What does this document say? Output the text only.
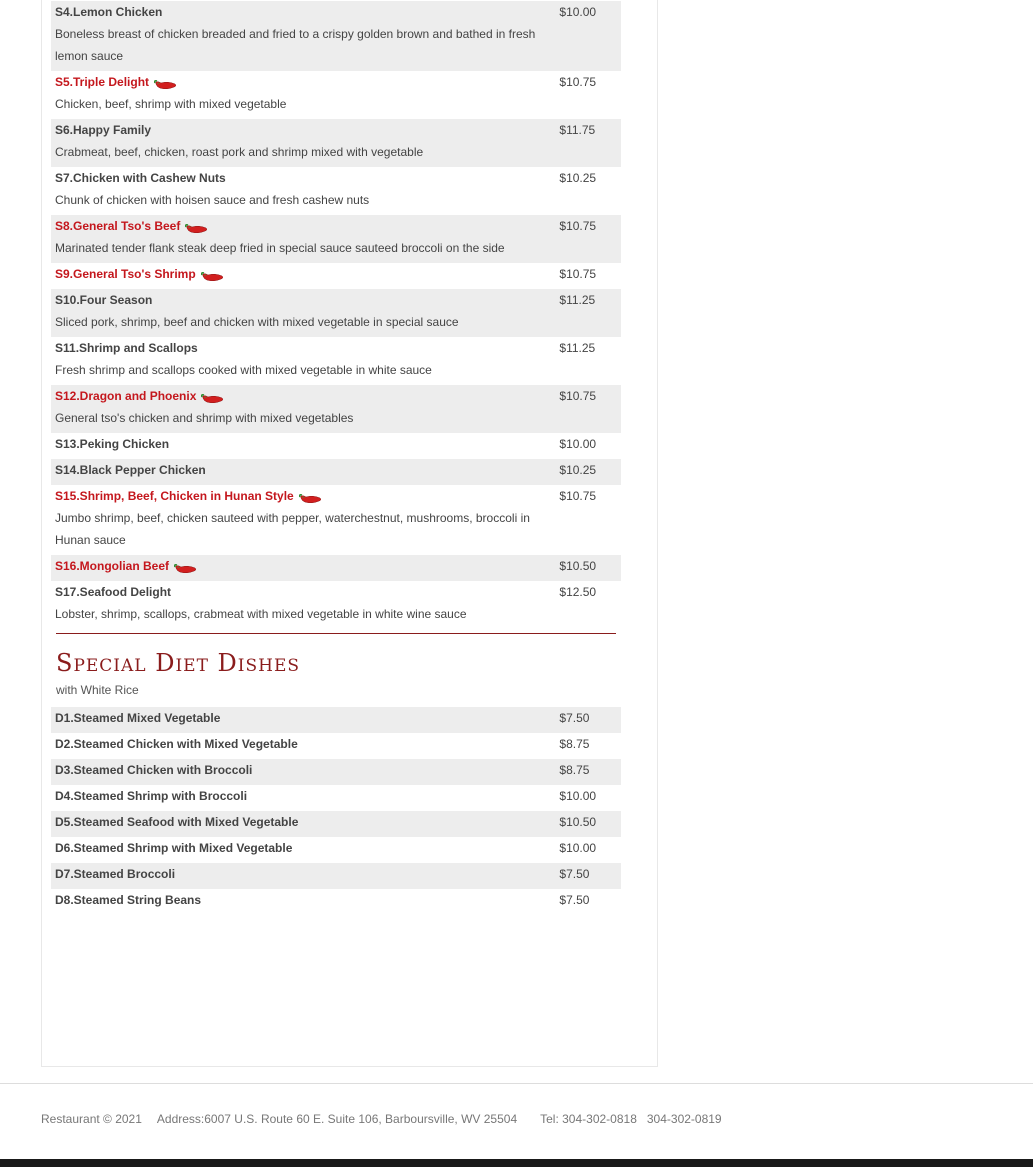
S4.Lemon Chicken
Boneless breast of chicken breaded and fried to a crispy golden brown and bathed in fresh lemon sauce
$10.00
S5.Triple Delight
Chicken, beef, shrimp with mixed vegetable
$10.75
S6.Happy Family
Crabmeat, beef, chicken, roast pork and shrimp mixed with vegetable
$11.75
S7.Chicken with Cashew Nuts
Chunk of chicken with hoisen sauce and fresh cashew nuts
$10.25
S8.General Tso's Beef
Marinated tender flank steak deep fried in special sauce sauteed broccoli on the side
$10.75
S9.General Tso's Shrimp	$10.75
S10.Four Season
Sliced pork, shrimp, beef and chicken with mixed vegetable in special sauce
$11.25
S11.Shrimp and Scallops
Fresh shrimp and scallops cooked with mixed vegetable in white sauce
$11.25
S12.Dragon and Phoenix
General tso's chicken and shrimp with mixed vegetables
$10.75
S13.Peking Chicken	$10.00
S14.Black Pepper Chicken	$10.25
S15.Shrimp, Beef, Chicken in Hunan Style
Jumbo shrimp, beef, chicken sauteed with pepper, waterchestnut, mushrooms, broccoli in Hunan sauce
$10.75
S16.Mongolian Beef	$10.50
S17.Seafood Delight
Lobster, shrimp, scallops, crabmeat with mixed vegetable in white wine sauce
$12.50
Special Diet Dishes
with White Rice
D1.Steamed Mixed Vegetable	$7.50
D2.Steamed Chicken with Mixed Vegetable	$8.75
D3.Steamed Chicken with Broccoli	$8.75
D4.Steamed Shrimp with Broccoli	$10.00
D5.Steamed Seafood with Mixed Vegetable	$10.50
D6.Steamed Shrimp with Mixed Vegetable	$10.00
D7.Steamed Broccoli	$7.50
D8.Steamed String Beans	$7.50
Restaurant © 2021 Address:6007 U.S. Route 60 E. Suite 106, Barboursville, WV 25504 Tel: 304-302-0818 304-302-0819
